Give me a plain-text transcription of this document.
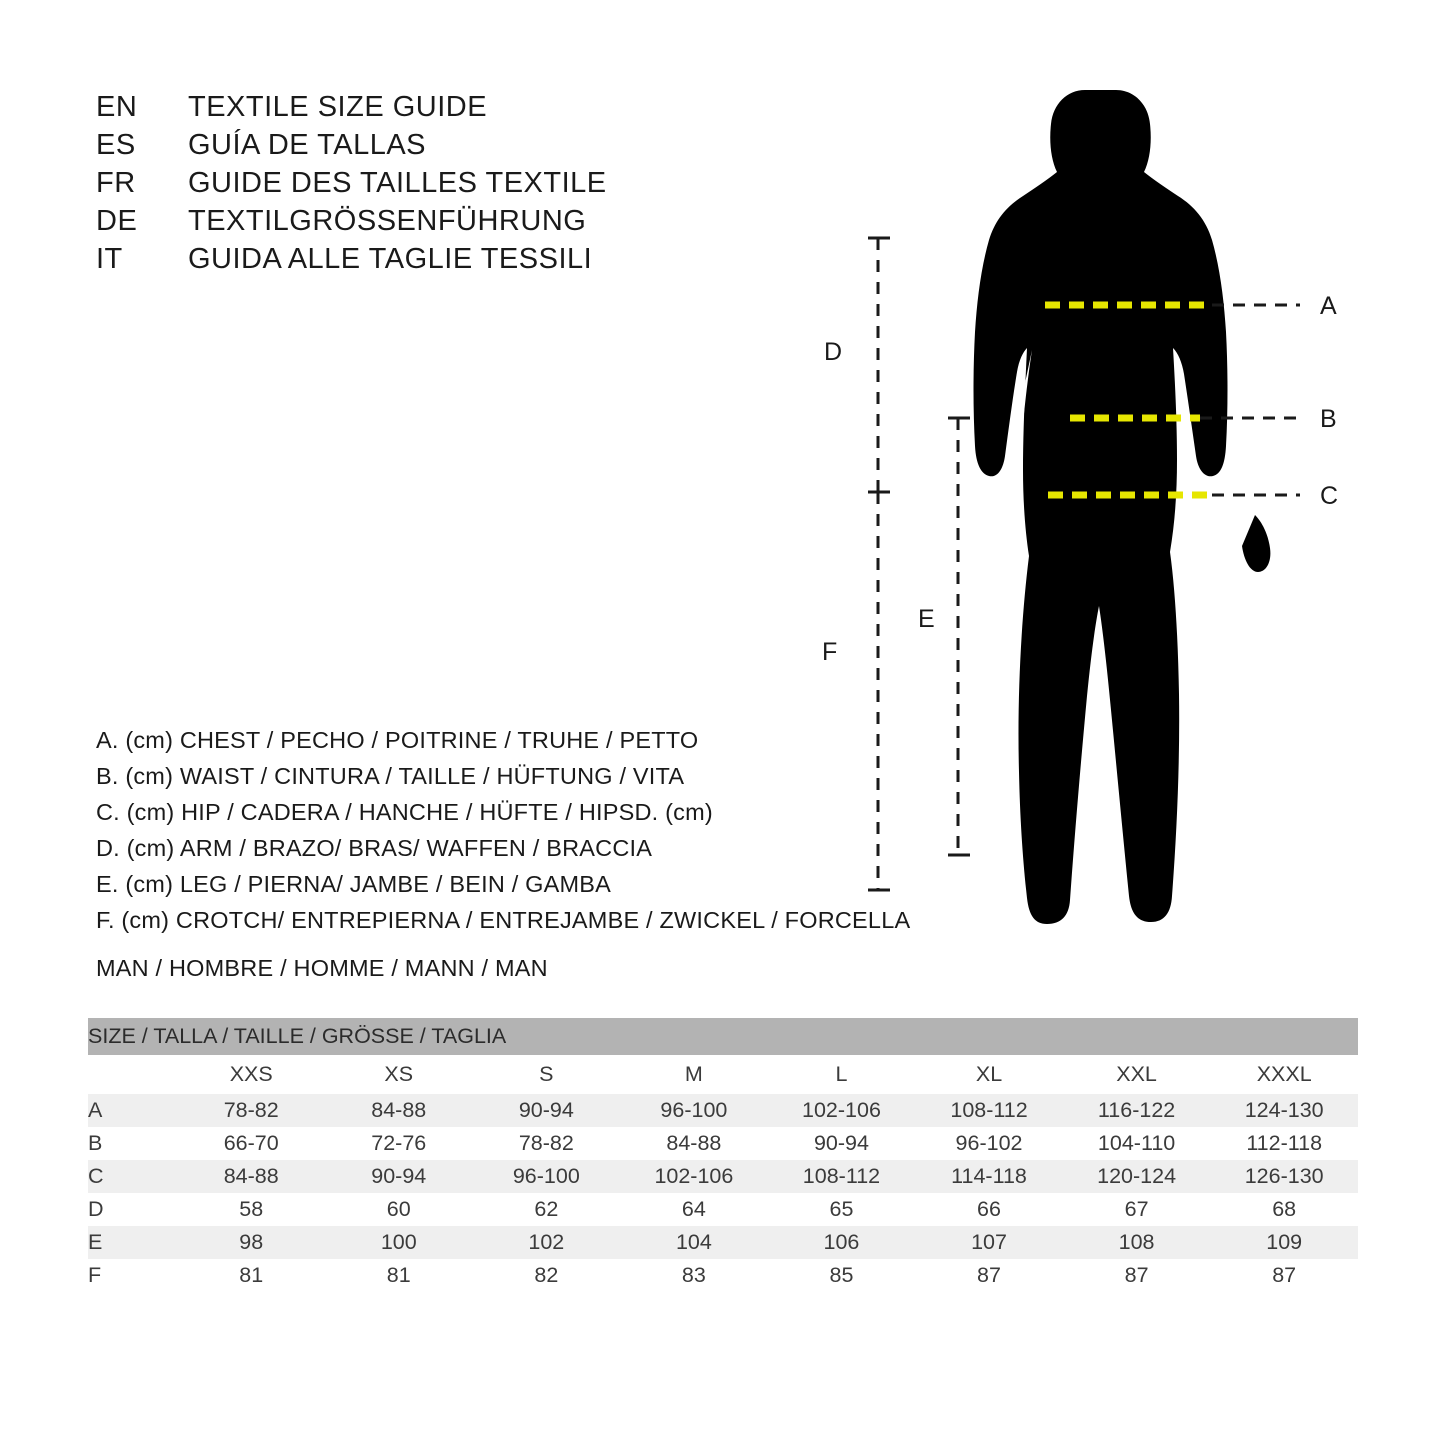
EN	TEXTILE SIZE GUIDE
ES	GUÍA DE TALLAS
FR	GUIDE DES TAILLES TEXTILE
DE	TEXTILGRÖSSENFÜHRUNG
IT	GUIDA ALLE TAGLIE TESSILI
A
B
C
D
E
F
A. (cm) CHEST / PECHO / POITRINE / TRUHE / PETTO
B. (cm) WAIST / CINTURA / TAILLE / HÜFTUNG / VITA
C. (cm) HIP / CADERA / HANCHE / HÜFTE / HIPSD. (cm)
D. (cm) ARM / BRAZO/ BRAS/ WAFFEN / BRACCIA
E. (cm) LEG / PIERNA/ JAMBE / BEIN / GAMBA
F. (cm) CROTCH/ ENTREPIERNA / ENTREJAMBE / ZWICKEL / FORCELLA
MAN / HOMBRE / HOMME / MANN / MAN
SIZE / TALLA / TAILLE / GRÖSSE / TAGLIA								
	XXS	XS	S	M	L	XL	XXL	XXXL
A	78-82	84-88	90-94	96-100	102-106	108-112	116-122	124-130
B	66-70	72-76	78-82	84-88	90-94	96-102	104-110	112-118
C	84-88	90-94	96-100	102-106	108-112	114-118	120-124	126-130
D	58	60	62	64	65	66	67	68
E	98	100	102	104	106	107	108	109
F	81	81	82	83	85	87	87	87
